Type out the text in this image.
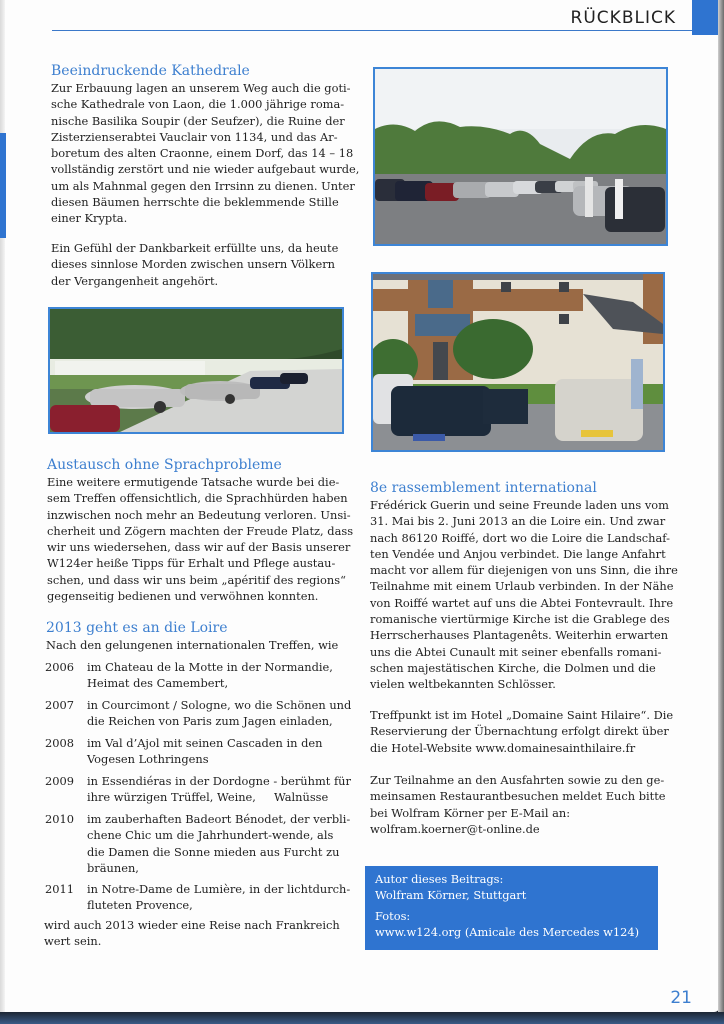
RÜCKBLICK
Beeindruckende Kathedrale
Zur Erbauung lagen an unserem Weg auch die goti-
sche Kathedrale von Laon, die 1.000 jährige roma-
nische Basilika Soupir (der Seufzer), die Ruine der
Zisterzienserabtei Vauclair von 1134, und das Ar-
boretum des alten Craonne, einem Dorf, das 14 – 18
vollständig zerstört und nie wieder aufgebaut wurde,
um als Mahnmal gegen den Irrsinn zu dienen. Unter
diesen Bäumen herrschte die beklemmende Stille
einer Krypta.
Ein Gefühl der Dankbarkeit erfüllte uns, da heute
dieses sinnlose Morden zwischen unsern Völkern
der Vergangenheit angehört.
Austausch ohne Sprachprobleme
Eine weitere ermutigende Tatsache wurde bei die-
sem Treffen offensichtlich, die Sprachhürden haben
inzwischen noch mehr an Bedeutung verloren. Unsi-
cherheit und Zögern machten der Freude Platz, dass
wir uns wiedersehen, dass wir auf der Basis unserer
W124er heiße Tipps für Erhalt und Pflege austau-
schen, und dass wir uns beim „apéritif des regions“
gegenseitig bedienen und verwöhnen konnten.
2013 geht es an die Loire
Nach den gelungenen internationalen Treffen, wie
2006 im Chateau de la Motte in der Normandie,
Heimat des Camembert,
2007 in Courcimont / Sologne, wo die Schönen und
die Reichen von Paris zum Jagen einladen,
2008 im Val d’Ajol mit seinen Cascaden in den
Vogesen Lothringens
2009 in Essendiéras in der Dordogne - berühmt für
ihre würzigen Trüffel, Weine,     Walnüsse
2010 im zauberhaften Badeort Bénodet, der verbli-
chene Chic um die Jahrhundert-wende, als
die Damen die Sonne mieden aus Furcht zu
bräunen,
2011 in Notre-Dame de Lumière, in der lichtdurch-
fluteten Provence,
wird auch 2013 wieder eine Reise nach Frankreich
wert sein.
8e rassemblement international
Frédérick Guerin und seine Freunde laden uns vom
31. Mai bis 2. Juni 2013 an die Loire ein. Und zwar
nach 86120 Roiffé, dort wo die Loire die Landschaf-
ten Vendée und Anjou verbindet. Die lange Anfahrt
macht vor allem für diejenigen von uns Sinn, die ihre
Teilnahme mit einem Urlaub verbinden. In der Nähe
von Roiffé wartet auf uns die Abtei Fontevrault. Ihre
romanische viertürmige Kirche ist die Grablege des
Herrscherhauses Plantagenêts. Weiterhin erwarten
uns die Abtei Cunault mit seiner ebenfalls romani-
schen majestätischen Kirche, die Dolmen und die
vielen weltbekannten Schlösser.
Treffpunkt ist im Hotel „Domaine Saint Hilaire“. Die
Reservierung der Übernachtung erfolgt direkt über
die Hotel-Website www.domainesainthilaire.fr
Zur Teilnahme an den Ausfahrten sowie zu den ge-
meinsamen Restaurantbesuchen meldet Euch bitte
bei Wolfram Körner per E-Mail an:
wolfram.koerner@t-online.de
Autor dieses Beitrags:
Wolfram Körner, Stuttgart
Fotos:
www.w124.org (Amicale des Mercedes w124)
21
